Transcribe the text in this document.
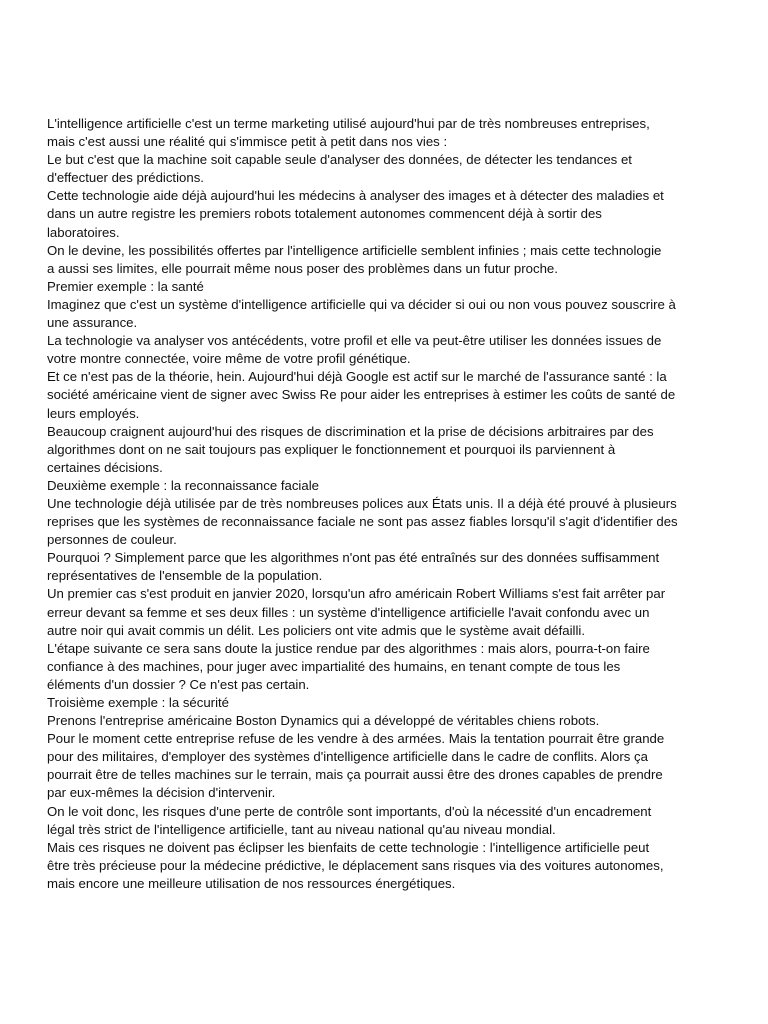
L'intelligence artificielle c'est un terme marketing utilisé aujourd'hui par de très nombreuses entreprises,
mais c'est aussi une réalité qui s'immisce petit à petit dans nos vies :
Le but c'est que la machine soit capable seule d'analyser des données, de détecter les tendances et
d'effectuer des prédictions.
Cette technologie aide déjà aujourd'hui les médecins à analyser des images et à détecter des maladies et
dans un autre registre les premiers robots totalement autonomes commencent déjà à sortir des
laboratoires.
On le devine, les possibilités offertes par l'intelligence artificielle semblent infinies ; mais cette technologie
a aussi ses limites, elle pourrait même nous poser des problèmes dans un futur proche.
Premier exemple : la santé
Imaginez que c'est un système d'intelligence artificielle qui va décider si oui ou non vous pouvez souscrire à
une assurance.
La technologie va analyser vos antécédents, votre profil et elle va peut-être utiliser les données issues de
votre montre connectée, voire même de votre profil génétique.
Et ce n'est pas de la théorie, hein. Aujourd'hui déjà Google est actif sur le marché de l'assurance santé : la
société américaine vient de signer avec Swiss Re pour aider les entreprises à estimer les coûts de santé de
leurs employés.
Beaucoup craignent aujourd'hui des risques de discrimination et la prise de décisions arbitraires par des
algorithmes dont on ne sait toujours pas expliquer le fonctionnement et pourquoi ils parviennent à
certaines décisions.
Deuxième exemple : la reconnaissance faciale
Une technologie déjà utilisée par de très nombreuses polices aux États unis. Il a déjà été prouvé à plusieurs
reprises que les systèmes de reconnaissance faciale ne sont pas assez fiables lorsqu'il s'agit d'identifier des
personnes de couleur.
Pourquoi ? Simplement parce que les algorithmes n'ont pas été entraînés sur des données suffisamment
représentatives de l'ensemble de la population.
Un premier cas s'est produit en janvier 2020, lorsqu'un afro américain Robert Williams s'est fait arrêter par
erreur devant sa femme et ses deux filles : un système d'intelligence artificielle l'avait confondu avec un
autre noir qui avait commis un délit. Les policiers ont vite admis que le système avait défailli.
L'étape suivante ce sera sans doute la justice rendue par des algorithmes : mais alors, pourra-t-on faire
confiance à des machines, pour juger avec impartialité des humains, en tenant compte de tous les
éléments d'un dossier ? Ce n'est pas certain.
Troisième exemple : la sécurité
Prenons l'entreprise américaine Boston Dynamics qui a développé de véritables chiens robots.
Pour le moment cette entreprise refuse de les vendre à des armées. Mais la tentation pourrait être grande
pour des militaires, d'employer des systèmes d'intelligence artificielle dans le cadre de conflits. Alors ça
pourrait être de telles machines sur le terrain, mais ça pourrait aussi être des drones capables de prendre
par eux-mêmes la décision d'intervenir.
On le voit donc, les risques d'une perte de contrôle sont importants, d'où la nécessité d'un encadrement
légal très strict de l'intelligence artificielle, tant au niveau national qu'au niveau mondial.
Mais ces risques ne doivent pas éclipser les bienfaits de cette technologie : l'intelligence artificielle peut
être très précieuse pour la médecine prédictive, le déplacement sans risques via des voitures autonomes,
mais encore une meilleure utilisation de nos ressources énergétiques.
